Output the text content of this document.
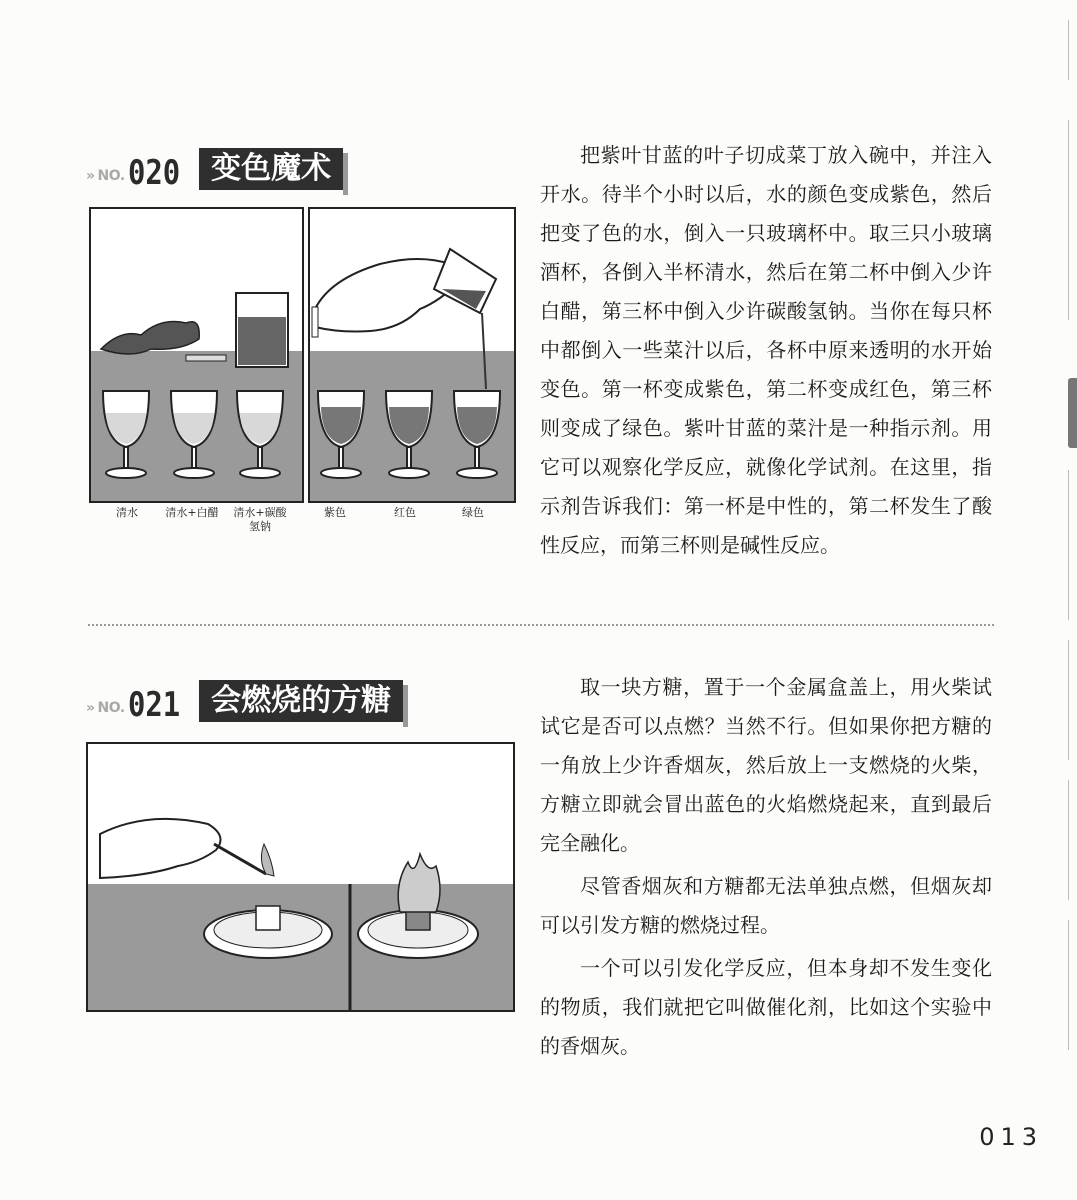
» NO. 020	变色魔术
清水	清水+白醋	清水+碳酸氢钠
紫色	红色	绿色

把紫叶甘蓝的叶子切成菜丁放入碗中，并注入开水。待半个小时以后，水的颜色变成紫色，然后把变了色的水，倒入一只玻璃杯中。取三只小玻璃酒杯，各倒入半杯清水，然后在第二杯中倒入少许白醋，第三杯中倒入少许碳酸氢钠。当你在每只杯中都倒入一些菜汁以后，各杯中原来透明的水开始变色。第一杯变成紫色，第二杯变成红色，第三杯则变成了绿色。紫叶甘蓝的菜汁是一种指示剂。用它可以观察化学反应，就像化学试剂。在这里，指示剂告诉我们：第一杯是中性的，第二杯发生了酸性反应，而第三杯则是碱性反应。

» NO. 021	会燃烧的方糖	取一块方糖，置于一个金属盒盖上，用火柴试试它是否可以点燃？当然不行。但如果你把方糖的一角放上少许香烟灰，然后放上一支燃烧的火柴，方糖立即就会冒出蓝色的火焰燃烧起来，直到最后完全融化。

尽管香烟灰和方糖都无法单独点燃，但烟灰却可以引发方糖的燃烧过程。

一个可以引发化学反应，但本身却不发生变化的物质，我们就把它叫做催化剂，比如这个实验中的香烟灰。

013
